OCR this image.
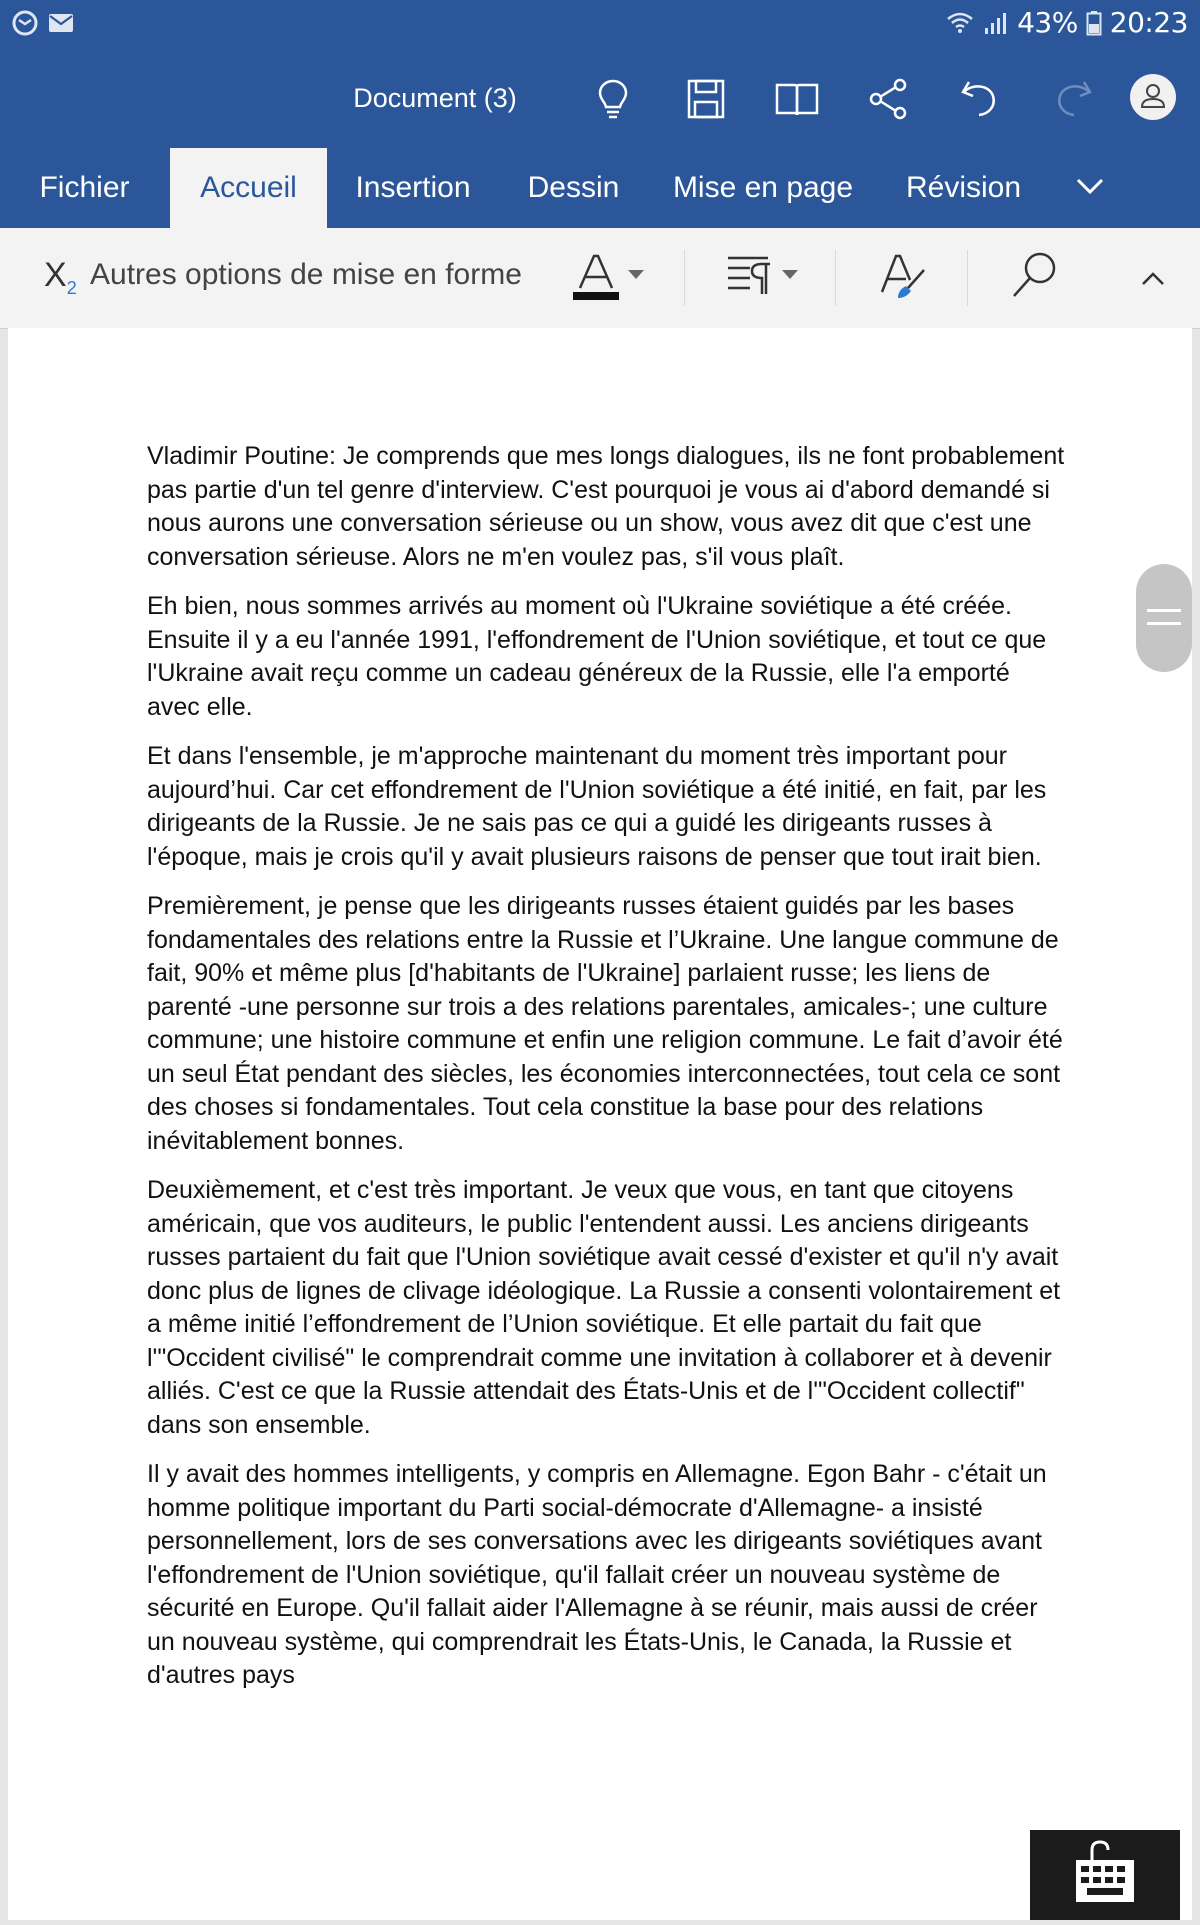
43% 20:23
Document (3)
Fichier	Accueil	Insertion	Dessin	Mise en page	Révision
$X_2$ Autres options de mise en forme

Vladimir Poutine: Je comprends que mes longs dialogues, ils ne font probablement pas partie d'un tel genre d'interview. C'est pourquoi je vous ai d'abord demandé si nous aurons une conversation sérieuse ou un show, vous avez dit que c'est une conversation sérieuse. Alors ne m'en voulez pas, s'il vous plaît.

Eh bien, nous sommes arrivés au moment où l'Ukraine soviétique a été créée. Ensuite il y a eu l'année 1991, l'effondrement de l'Union soviétique, et tout ce que l'Ukraine avait reçu comme un cadeau généreux de la Russie, elle l'a emporté avec elle.

Et dans l'ensemble, je m'approche maintenant du moment très important pour aujourd’hui. Car cet effondrement de l'Union soviétique a été initié, en fait, par les dirigeants de la Russie. Je ne sais pas ce qui a guidé les dirigeants russes à l'époque, mais je crois qu'il y avait plusieurs raisons de penser que tout irait bien.

Premièrement, je pense que les dirigeants russes étaient guidés par les bases fondamentales des relations entre la Russie et l’Ukraine. Une langue commune de fait, 90% et même plus [d'habitants de l'Ukraine] parlaient russe; les liens de parenté -une personne sur trois a des relations parentales, amicales-; une culture commune; une histoire commune et enfin une religion commune. Le fait d’avoir été un seul État pendant des siècles, les économies interconnectées, tout cela ce sont des choses si fondamentales. Tout cela constitue la base pour des relations inévitablement bonnes.

Deuxièmement, et c'est très important. Je veux que vous, en tant que citoyens américain, que vos auditeurs, le public l'entendent aussi. Les anciens dirigeants russes partaient du fait que l'Union soviétique avait cessé d'exister et qu'il n'y avait donc plus de lignes de clivage idéologique. La Russie a consenti volontairement et a même initié l’effondrement de l’Union soviétique. Et elle partait du fait que l'"Occident civilisé" le comprendrait comme une invitation à collaborer et à devenir alliés. C'est ce que la Russie attendait des États-Unis et de l'"Occident collectif" dans son ensemble.

Il y avait des hommes intelligents, y compris en Allemagne. Egon Bahr - c'était un homme politique important du Parti social-démocrate d'Allemagne- a insisté personnellement, lors de ses conversations avec les dirigeants soviétiques avant l'effondrement de l'Union soviétique, qu'il fallait créer un nouveau système de sécurité en Europe. Qu'il fallait aider l'Allemagne à se réunir, mais aussi de créer un nouveau système, qui comprendrait les États-Unis, le Canada, la Russie et d'autres pays
